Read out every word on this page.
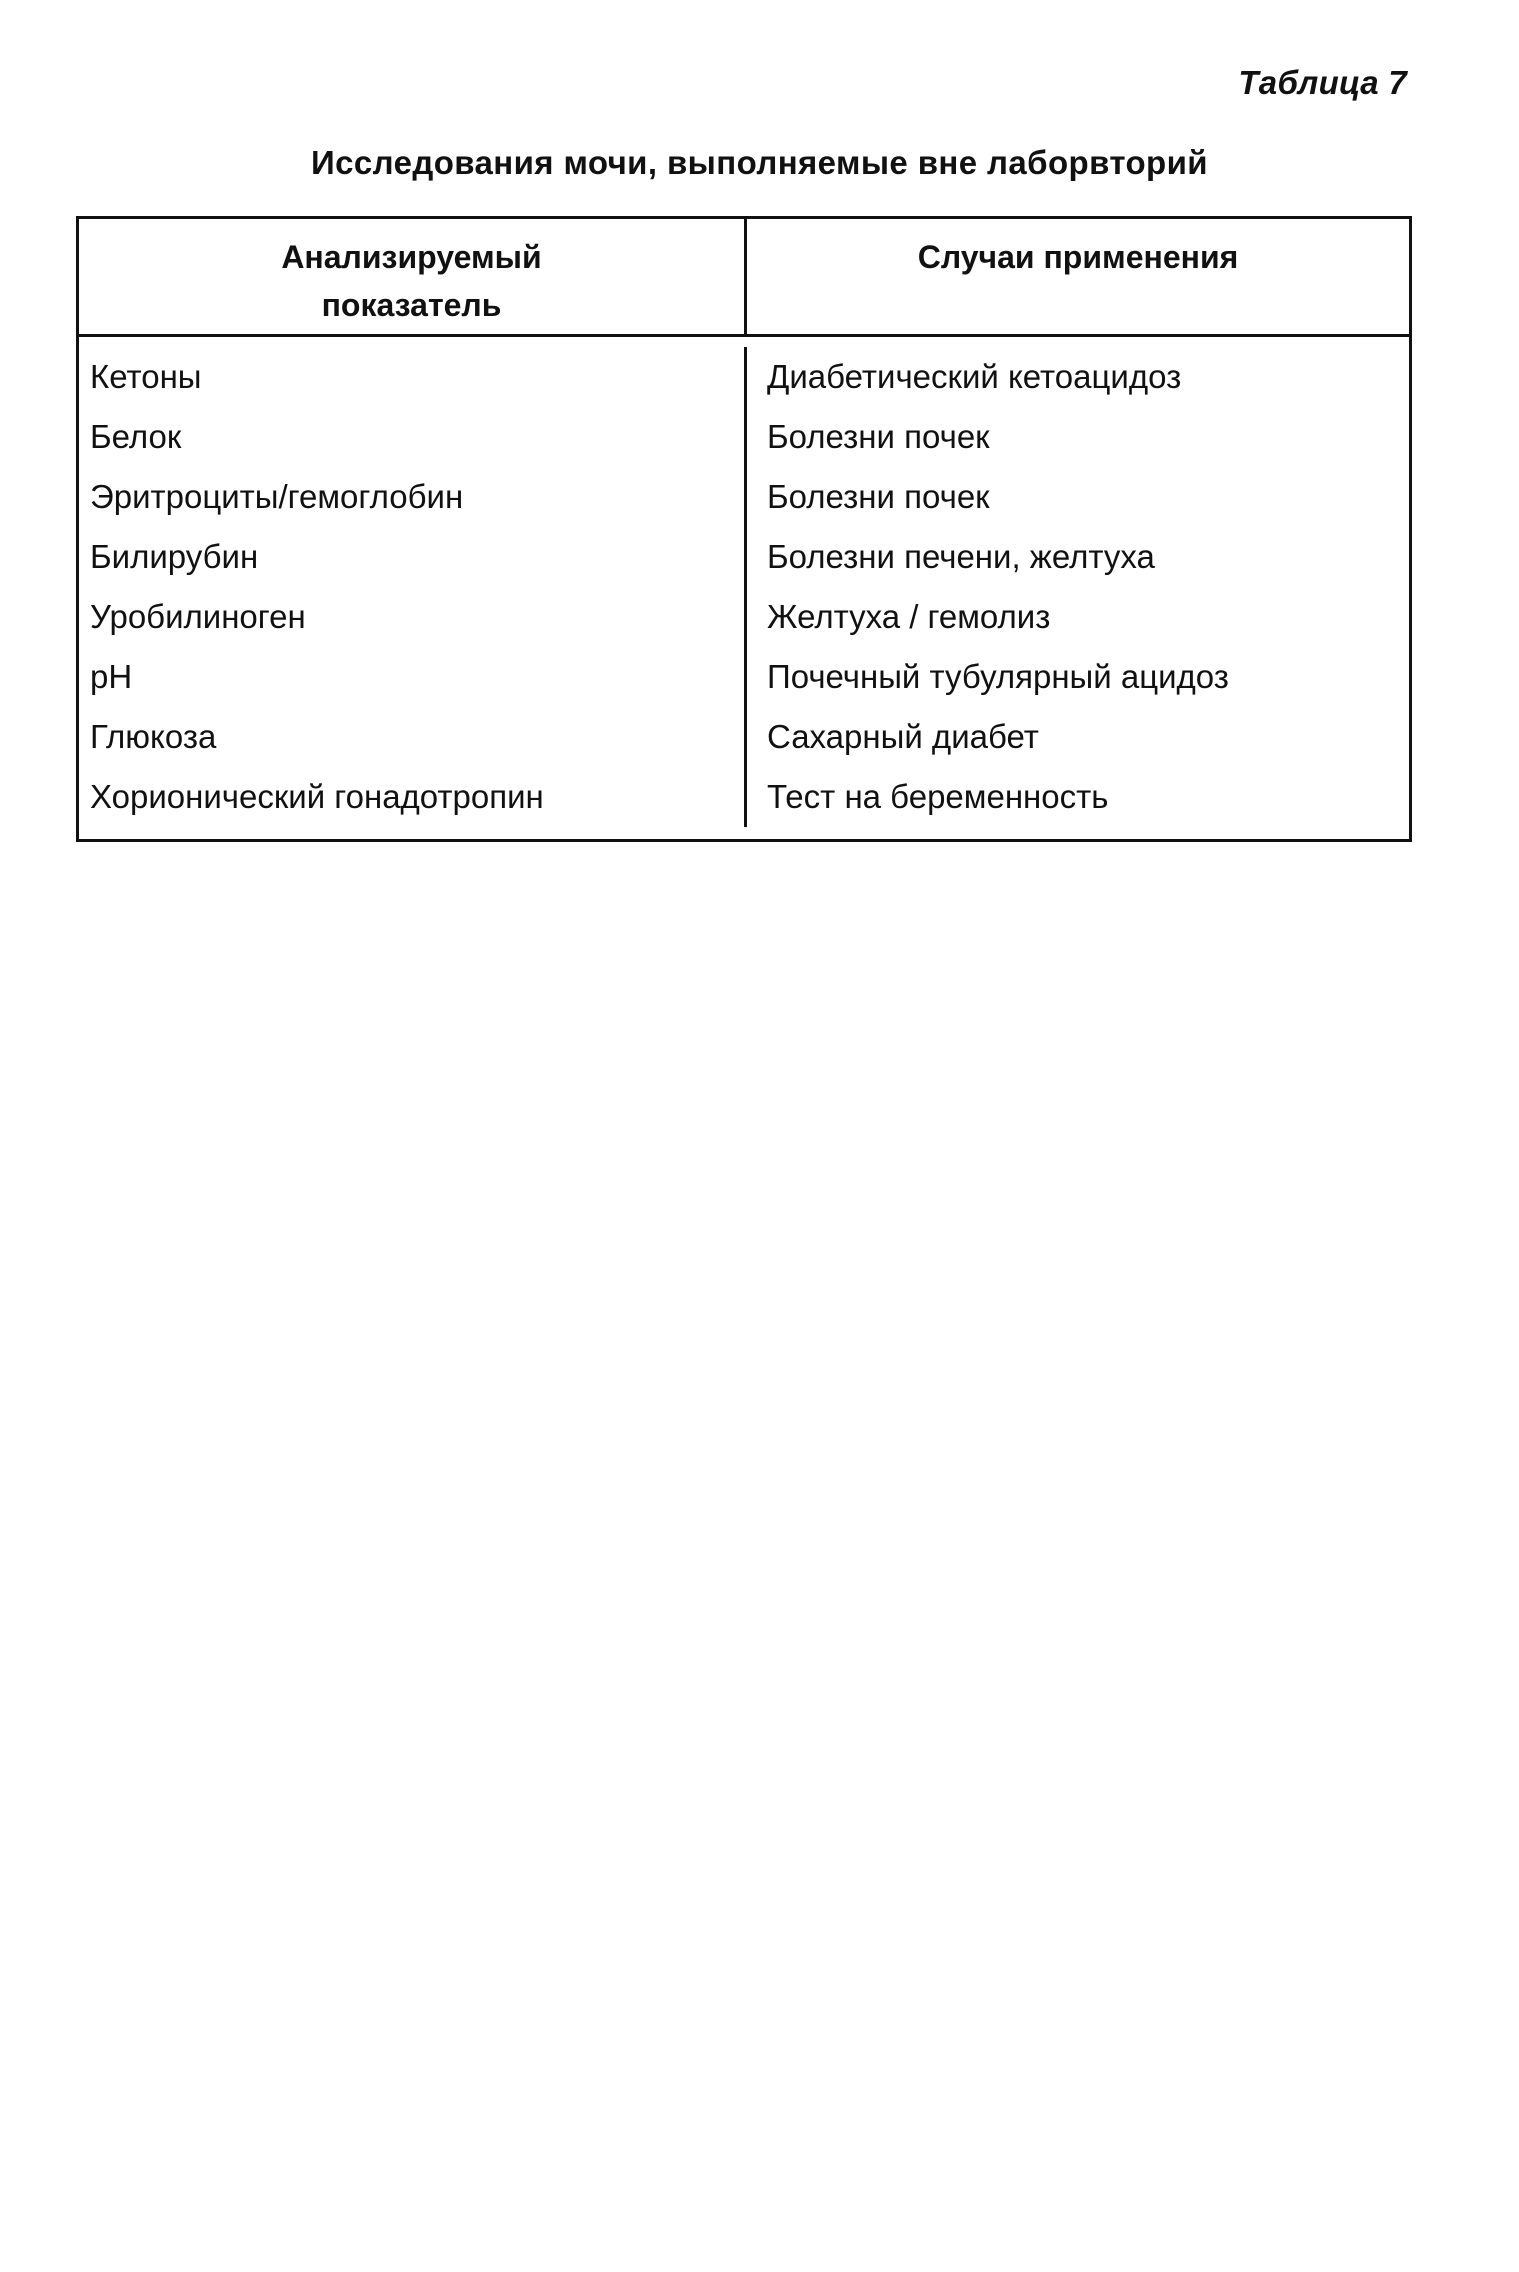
Таблица 7
Исследования мочи, выполняемые вне лаборвторий
Анализируемый
показатель
Случаи применения
Кетоны
Белок
Эритроциты/гемоглобин
Билирубин
Уробилиноген
pH
Глюкоза
Хорионический гонадотропин
Диабетический кетоацидоз
Болезни почек
Болезни почек
Болезни печени, желтуха
Желтуха / гемолиз
Почечный тубулярный ацидоз
Сахарный диабет
Тест на беременность
